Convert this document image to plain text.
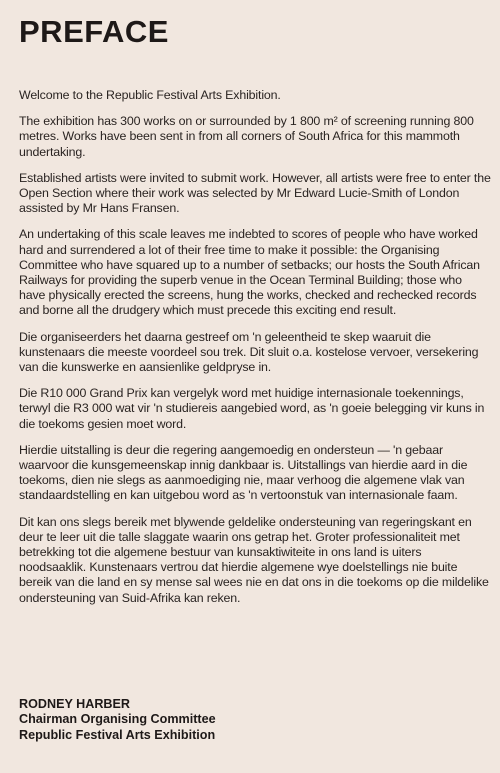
PREFACE

Welcome to the Republic Festival Arts Exhibition.

The exhibition has 300 works on or surrounded by 1 800 m² of screening running 800 metres. Works have been sent in from all corners of South Africa for this mammoth undertaking.

Established artists were invited to submit work. However, all artists were free to enter the Open Section where their work was selected by Mr Edward Lucie-Smith of London assisted by Mr Hans Fransen.

An undertaking of this scale leaves me indebted to scores of people who have worked hard and surrendered a lot of their free time to make it possible: the Organising Committee who have squared up to a number of setbacks; our hosts the South African Railways for providing the superb venue in the Ocean Terminal Building; those who have physically erected the screens, hung the works, checked and rechecked records and borne all the drudgery which must precede this exciting end result.

Die organiseerders het daarna gestreef om 'n geleentheid te skep waaruit die kunstenaars die meeste voordeel sou trek. Dit sluit o.a. kostelose vervoer, versekering van die kunswerke en aansienlike geldpryse in.

Die R10 000 Grand Prix kan vergelyk word met huidige internasionale toekennings, terwyl die R3 000 wat vir 'n studiereis aangebied word, as 'n goeie belegging vir kuns in die toekoms gesien moet word.

Hierdie uitstalling is deur die regering aangemoedig en ondersteun — 'n gebaar waarvoor die kunsgemeenskap innig dankbaar is. Uitstallings van hierdie aard in die toekoms, dien nie slegs as aanmoediging nie, maar verhoog die algemene vlak van standaardstelling en kan uitgebou word as 'n vertoonstuk van internasionale faam.

Dit kan ons slegs bereik met blywende geldelike ondersteuning van regeringskant en deur te leer uit die talle slaggate waarin ons getrap het. Groter professionaliteit met betrekking tot die algemene bestuur van kunsaktiwiteite in ons land is uiters noodsaaklik. Kunstenaars vertrou dat hierdie algemene wye doelstellings nie buite bereik van die land en sy mense sal wees nie en dat ons in die toekoms op die mildelike ondersteuning van Suid-Afrika kan reken.

RODNEY HARBER
Chairman Organising Committee
Republic Festival Arts Exhibition
